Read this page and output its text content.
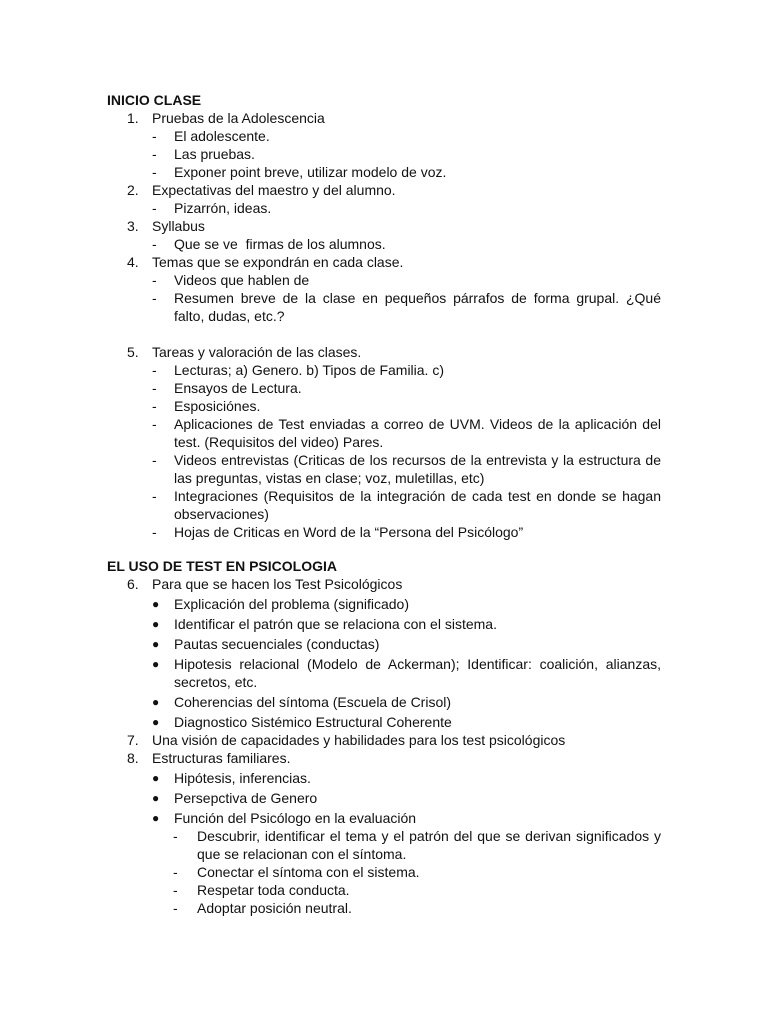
INICIO CLASE
1. Pruebas de la Adolescencia
- El adolescente.
- Las pruebas.
- Exponer point breve, utilizar modelo de voz.
2. Expectativas del maestro y del alumno.
- Pizarrón, ideas.
3. Syllabus
- Que se ve  firmas de los alumnos.
4. Temas que se expondrán en cada clase.
- Videos que hablen de
- Resumen breve de la clase en pequeños párrafos de forma grupal. ¿Qué falto, dudas, etc.?
5. Tareas y valoración de las clases.
- Lecturas; a) Genero. b) Tipos de Familia. c)
- Ensayos de Lectura.
- Esposiciónes.
- Aplicaciones de Test enviadas a correo de UVM. Videos de la aplicación del test. (Requisitos del video) Pares.
- Videos entrevistas (Criticas de los recursos de la entrevista y la estructura de las preguntas, vistas en clase; voz, muletillas, etc)
- Integraciones (Requisitos de la integración de cada test en donde se hagan observaciones)
- Hojas de Criticas en Word de la “Persona del Psicólogo”
EL USO DE TEST EN PSICOLOGIA
6. Para que se hacen los Test Psicológicos
● Explicación del problema (significado)
● Identificar el patrón que se relaciona con el sistema.
● Pautas secuenciales (conductas)
● Hipotesis relacional (Modelo de Ackerman); Identificar: coalición, alianzas, secretos, etc.
● Coherencias del síntoma (Escuela de Crisol)
● Diagnostico Sistémico Estructural Coherente
7. Una visión de capacidades y habilidades para los test psicológicos
8. Estructuras familiares.
● Hipótesis, inferencias.
● Persepctiva de Genero
● Función del Psicólogo en la evaluación
- Descubrir, identificar el tema y el patrón del que se derivan significados y que se relacionan con el síntoma.
- Conectar el síntoma con el sistema.
- Respetar toda conducta.
- Adoptar posición neutral.
